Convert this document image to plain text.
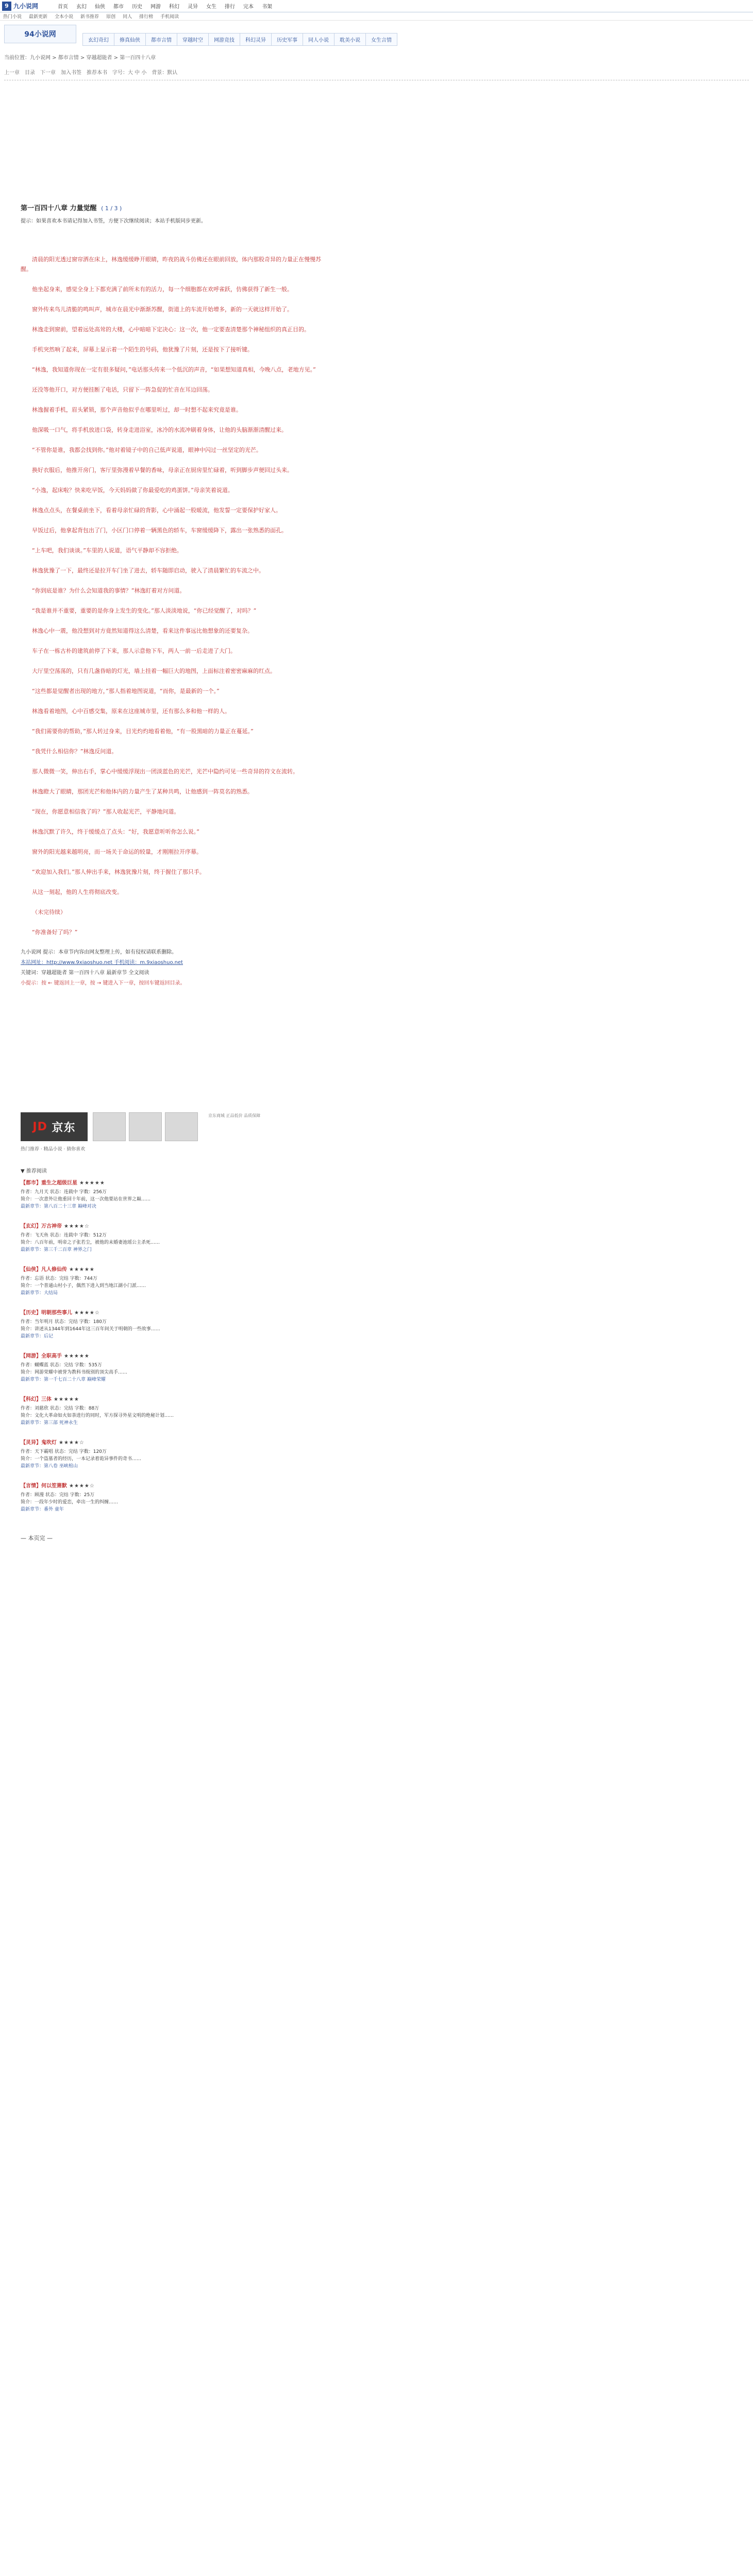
9 九小说网	首页 玄幻 仙侠 都市 历史 网游 科幻 灵异 女生 排行 完本 书架
热门小说 最新更新 全本小说 新书推荐 原创 同人 排行榜 手机阅读
94小说网
玄幻奇幻	修真仙侠	都市言情	穿越时空	网游竞技	科幻灵异	历史军事	同人小说	耽美小说	女生言情
当前位置：九小说网 > 都市言情 > 穿越超能者 > 第一百四十八章
上一章 目录 下一章 加入书签 推荐本书 字号：大 中 小 背景：默认
第一百四十八章 力量觉醒 ( 1 / 3 )
提示：如果喜欢本书请记得加入书签，方便下次继续阅读；本站手机版同步更新。

清晨的阳光透过窗帘洒在床上，林逸缓缓睁开眼睛，昨夜的战斗仿佛还在眼前回放，体内那股奇异的力量正在慢慢苏醒。

他坐起身来，感觉全身上下都充满了前所未有的活力，每一个细胞都在欢呼雀跃，仿佛获得了新生一般。

窗外传来鸟儿清脆的鸣叫声，城市在晨光中渐渐苏醒，街道上的车流开始增多，新的一天就这样开始了。

林逸走到窗前，望着远处高耸的大楼，心中暗暗下定决心：这一次，他一定要查清楚那个神秘组织的真正目的。

手机突然响了起来，屏幕上显示着一个陌生的号码，他犹豫了片刻，还是按下了接听键。

“林逸，我知道你现在一定有很多疑问，”电话那头传来一个低沉的声音，“如果想知道真相，今晚八点，老地方见。”

还没等他开口，对方便挂断了电话，只留下一阵急促的忙音在耳边回荡。

林逸握着手机，眉头紧锁，那个声音他似乎在哪里听过，却一时想不起来究竟是谁。

他深吸一口气，将手机放进口袋，转身走进浴室，冰冷的水流冲刷着身体，让他的头脑渐渐清醒过来。

“不管你是谁，我都会找到你。”他对着镜子中的自己低声说道，眼神中闪过一丝坚定的光芒。

换好衣服后，他推开房门，客厅里弥漫着早餐的香味，母亲正在厨房里忙碌着，听到脚步声便回过头来。

“小逸，起床啦？快来吃早饭，今天妈妈做了你最爱吃的鸡蛋饼。”母亲笑着说道。

林逸点点头，在餐桌前坐下，看着母亲忙碌的背影，心中涌起一股暖流，他发誓一定要保护好家人。

早饭过后，他拿起背包出了门，小区门口停着一辆黑色的轿车，车窗缓缓降下，露出一张熟悉的面孔。

“上车吧，我们谈谈。”车里的人说道，语气平静却不容拒绝。

林逸犹豫了一下，最终还是拉开车门坐了进去，轿车随即启动，驶入了清晨繁忙的车流之中。

“你到底是谁？为什么会知道我的事情？”林逸盯着对方问道。

“我是谁并不重要，重要的是你身上发生的变化。”那人淡淡地说，“你已经觉醒了，对吗？”

林逸心中一震，他没想到对方竟然知道得这么清楚，看来这件事远比他想象的还要复杂。

车子在一栋古朴的建筑前停了下来，那人示意他下车，两人一前一后走进了大门。

大厅里空荡荡的，只有几盏昏暗的灯光，墙上挂着一幅巨大的地图，上面标注着密密麻麻的红点。

“这些都是觉醒者出现的地方，”那人指着地图说道，“而你，是最新的一个。”

林逸看着地图，心中百感交集，原来在这座城市里，还有那么多和他一样的人。

“我们需要你的帮助，”那人转过身来，目光灼灼地看着他，“有一股黑暗的力量正在蔓延。”

“我凭什么相信你？”林逸反问道。

那人微微一笑，伸出右手，掌心中缓缓浮现出一团淡蓝色的光芒，光芒中隐约可见一些奇异的符文在流转。

林逸瞪大了眼睛，那团光芒和他体内的力量产生了某种共鸣，让他感到一阵莫名的熟悉。

“现在，你愿意相信我了吗？”那人收起光芒，平静地问道。

林逸沉默了许久，终于缓缓点了点头：“好，我愿意听听你怎么说。”

窗外的阳光越来越明亮，而一场关于命运的较量，才刚刚拉开序幕。

“欢迎加入我们。”那人伸出手来，林逸犹豫片刻，终于握住了那只手。

从这一刻起，他的人生将彻底改变。

（未完待续）

“你准备好了吗？”

九小说网 提示：本章节内容由网友整理上传，如有侵权请联系删除。
本站网址：http://www.9xiaoshuo.net 手机阅读：m.9xiaoshuo.net
关键词：穿越超能者 第一百四十八章 最新章节 全文阅读
小提示：按 ← 键返回上一章，按 → 键进入下一章，按回车键返回目录。
JD
京东
京东商城 正品低价 品质保障
热门推荐 · 精品小说 · 猜你喜欢
▼ 推荐阅读
【都市】重生之超级巨星 ★★★★★
作者：九月天 状态：连载中 字数：256万
简介：一次意外让他重回十年前，这一次他要站在世界之巅……
最新章节：第八百二十三章 巅峰对决
【玄幻】万古神帝 ★★★★☆
作者：飞天鱼 状态：连载中 字数：512万
简介：八百年前，明帝之子张若尘，被他的未婚妻池瑶公主杀死……
最新章节：第三千二百章 神界之门
【仙侠】凡人修仙传 ★★★★★
作者：忘语 状态：完结 字数：744万
简介：一个普通山村小子，偶然下进入到当地江湖小门派……
最新章节：大结局
【历史】明朝那些事儿 ★★★★☆
作者：当年明月 状态：完结 字数：180万
简介：讲述从1344年到1644年这三百年间关于明朝的一些故事……
最新章节：后记
【网游】全职高手 ★★★★★
作者：蝴蝶蓝 状态：完结 字数：535万
简介：网游荣耀中被誉为教科书级别的顶尖高手……
最新章节：第一千七百二十八章 巅峰荣耀
【科幻】三体 ★★★★★
作者：刘慈欣 状态：完结 字数：88万
简介：文化大革命如火如荼进行的同时，军方探寻外星文明的绝秘计划……
最新章节：第三部 死神永生
【灵异】鬼吹灯 ★★★★☆
作者：天下霸唱 状态：完结 字数：120万
简介：一个盗墓者的经历，一本记录着诡异事件的奇书……
最新章节：第八卷 巫峡棺山
【言情】何以笙箫默 ★★★★☆
作者：顾漫 状态：完结 字数：25万
简介：一段年少时的爱恋，牵出一生的纠缠……
最新章节：番外 童年
— 本页完 —
